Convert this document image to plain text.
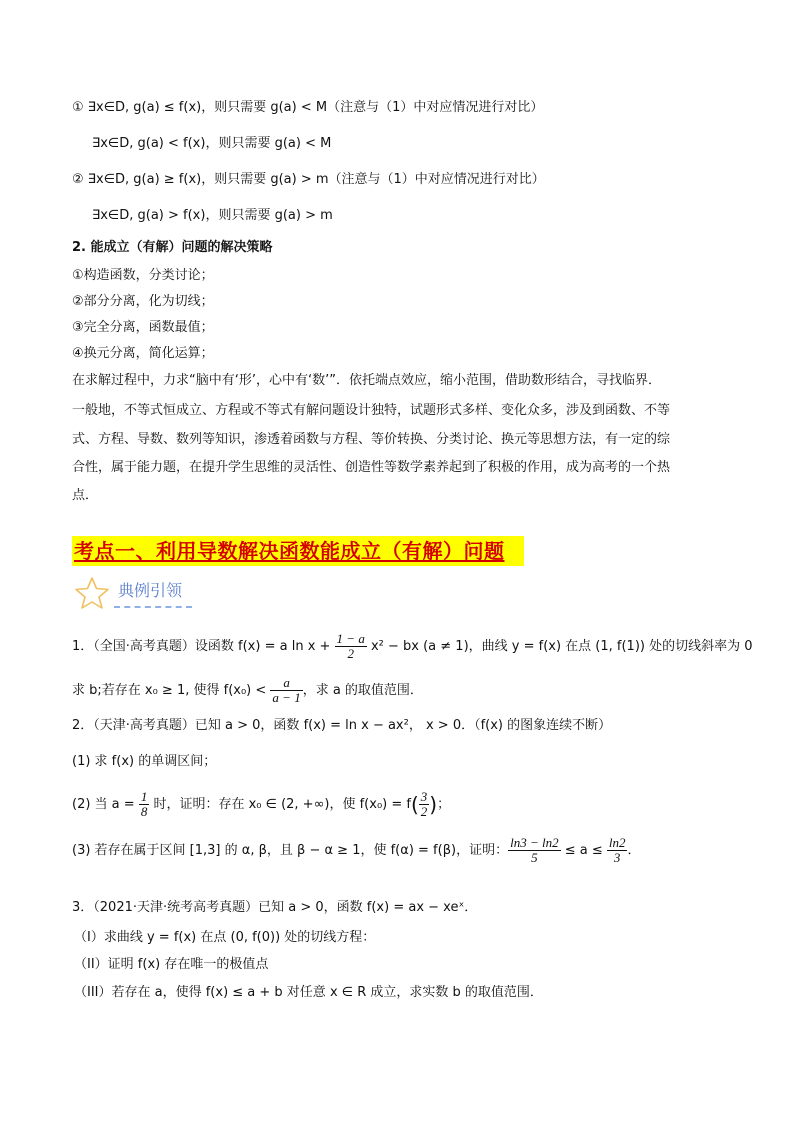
① ∃x∈D, g(a) ≤ f(x)，则只需要 g(a) < M（注意与（1）中对应情况进行对比）
∃x∈D, g(a) < f(x)，则只需要 g(a) < M
② ∃x∈D, g(a) ≥ f(x)，则只需要 g(a) > m（注意与（1）中对应情况进行对比）
∃x∈D, g(a) > f(x)，则只需要 g(a) > m
2. 能成立（有解）问题的解决策略
①构造函数，分类讨论；
②部分分离，化为切线；
③完全分离，函数最值；
④换元分离，简化运算；
在求解过程中，力求“脑中有‘形’，心中有‘数’”．依托端点效应，缩小范围，借助数形结合，寻找临界．
一般地，不等式恒成立、方程或不等式有解问题设计独特，试题形式多样、变化众多，涉及到函数、不等
式、方程、导数、数列等知识，渗透着函数与方程、等价转换、分类讨论、换元等思想方法，有一定的综
合性，属于能力题，在提升学生思维的灵活性、创造性等数学素养起到了积极的作用，成为高考的一个热
点．
考点一、利用导数解决函数能成立（有解）问题
典例引领
1．（全国·高考真题）设函数 f(x) = a $\ln x + \frac{1 - a}{2} x^2$ − bx (a ≠ 1)，曲线 y = f(x) 在点 (1, f(1)) 处的切线斜率为 0
求 b;若存在 x₀ ≥ 1, 使得 $f(x_0) < \frac{a}{a - 1}$ ，求 a 的取值范围．
2．（天津·高考真题）已知 a > 0，函数 f(x) = ln x − ax²， x > 0．（f(x) 的图象连续不断）
(1) 求 f(x) 的单调区间；
(2) 当 $a = \frac{1}{8}$ 时，证明：存在 x₀ ∈ (2, +∞)，使 $f(x_0) = f( \frac{3}{2}$ )；
(3) 若存在属于区间 [1,3] 的 α, β，且 β − α ≥ 1，使 f(α) = f(β)，证明： $\frac{\ln 3 - \ln 2}{5} \le a \le \frac{\ln 2}{3}$ ．
3．（2021·天津·统考高考真题）已知 a > 0，函数 f(x) = ax − xeˣ．
（I）求曲线 y = f(x) 在点 (0, f(0)) 处的切线方程：
（II）证明 f(x) 存在唯一的极值点
（III）若存在 a，使得 f(x) ≤ a + b 对任意 x ∈ R 成立，求实数 b 的取值范围．
